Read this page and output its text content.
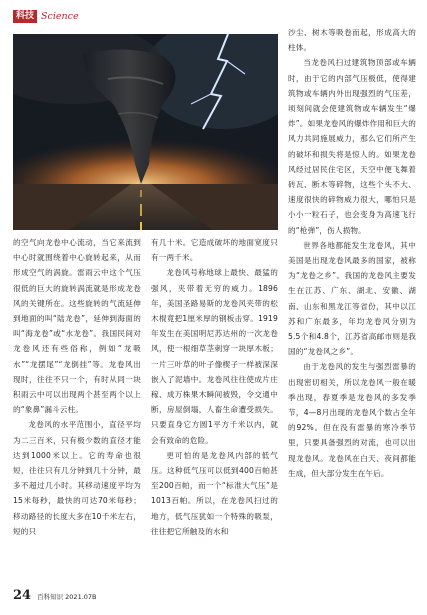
科技 Science

的空气向龙卷中心流动，当它来流到中心时就围绕着中心旋转起来，从而形成空气的涡旋。雷雨云中这个气压很低的巨大的旋转涡流就是形成龙卷风的关键所在。这些旋转的气流延伸到地面的叫“陆龙卷”，延伸到海面的叫“海龙卷”或“水龙卷”。我国民间对龙卷风还有些俗称，例如“龙吸水”“龙摆尾”“龙倒挂”等。龙卷风出现时，往往不只一个，有时从同一块积雨云中可以出现两个甚至两个以上的“象鼻”漏斗云柱。

龙卷风的水平范围小，直径平均为二三百米，只有极少数的直径才能达到1000米以上。它的寿命也很短，往往只有几分钟到几十分钟，最多不超过几小时。其移动速度平均为15米每秒，最快的可达70米每秒；移动路径的长度大多在10千米左右，短的只

有几十米。它造成破坏的地面宽度只有一两千米。

龙卷风号称地球上最快、最猛的强风，夹带着无穷的威力。1896年，美国圣路易斯的龙卷风夹带的松木棍竟把1厘米厚的钢板击穿。1919年发生在美国明尼苏达州的一次龙卷风，使一根细草茎刺穿一块厚木板；一片三叶草的叶子像楔子一样被深深嵌入了泥墙中。龙卷风往往使成片庄稼、成万株果木瞬间被毁，令交通中断，房屋倒塌，人畜生命遭受损失。只要直身它方圆1平方千米以内，就会有致命的危险。

更可怕的是龙卷风内部的低气压。这种低气压可以低到400百帕甚至200百帕，而一个“标准大气压”是1013百帕。所以，在龙卷风扫过的地方，低气压犹如一个特殊的吸泵，往往把它所触及的水和

沙尘、树木等吸卷而起，形成高大的柱体。

当龙卷风扫过建筑物顶部或车辆时，由于它的内部气压极低，使得建筑物或车辆内外出现强烈的气压差，顷刻间就会使建筑物或车辆发生“爆炸”。如果龙卷风的爆炸作用和巨大的风力共同施展威力，那么它们所产生的破坏和损失将是惊人的。如果龙卷风经过居民住宅区，天空中便飞舞着砖瓦、断木等碎物，这些个头不大、速度很快的碎物威力很大，哪怕只是小小一粒石子，也会变身为高速飞行的“枪弹”，伤人损物。

世界各地都能发生龙卷风，其中美国是出现龙卷风最多的国家，被称为“龙卷之乡”。我国的龙卷风主要发生在江苏、广东、湖北、安徽、湖南、山东和黑龙江等省份，其中以江苏和广东最多，年均龙卷风分别为5.5个和4.8个，江苏省高邮市则是我国的“龙卷风之乡”。

由于龙卷风的发生与强烈雷暴的出现密切相关，所以龙卷风一般在暖季出现，春夏季是龙卷风的多发季节，4—8月出现的龙卷风个数占全年的92%。但在没有雷暴的寒冷季节里，只要具备强烈的对流，也可以出现龙卷风。龙卷风在白天、夜间都能生成，但大部分发生在午后。

24 百科知识 2021.07B
